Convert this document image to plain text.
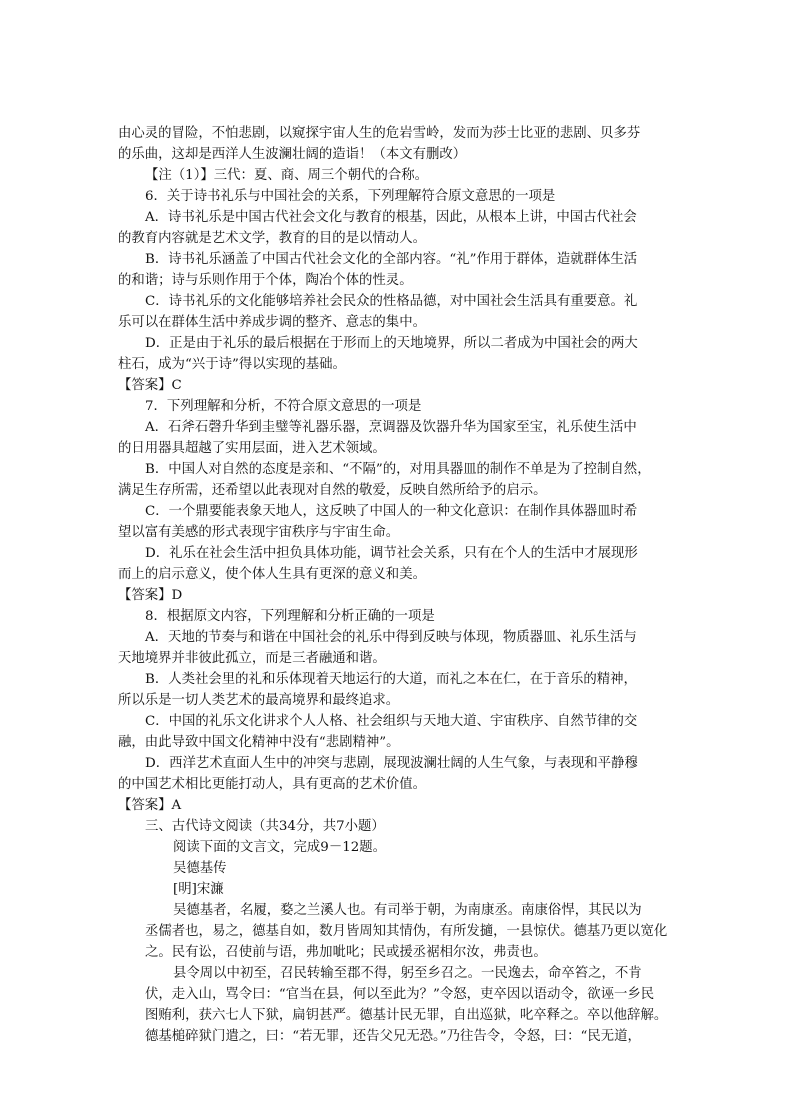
由心灵的冒险，不怕悲剧，以窥探宇宙人生的危岩雪岭，发而为莎士比亚的悲剧、贝多芬
的乐曲，这却是西洋人生波澜壮阔的造诣！（本文有删改）
【注（1）】三代：夏、商、周三个朝代的合称。
6．关于诗书礼乐与中国社会的关系，下列理解符合原文意思的一项是
A．诗书礼乐是中国古代社会文化与教育的根基，因此，从根本上讲，中国古代社会
的教育内容就是艺术文学，教育的目的是以情动人。
B．诗书礼乐涵盖了中国古代社会文化的全部内容。“礼”作用于群体，造就群体生活
的和谐；诗与乐则作用于个体，陶冶个体的性灵。
C．诗书礼乐的文化能够培养社会民众的性格品德，对中国社会生活具有重要意。礼
乐可以在群体生活中养成步调的整齐、意志的集中。
D．正是由于礼乐的最后根据在于形而上的天地境界，所以二者成为中国社会的两大
柱石，成为“兴于诗”得以实现的基础。
【答案】C
7．下列理解和分析，不符合原文意思的一项是
A．石斧石磬升华到圭璧等礼器乐器，烹调器及饮器升华为国家至宝，礼乐使生活中
的日用器具超越了实用层面，进入艺术领域。
B．中国人对自然的态度是亲和、“不隔”的，对用具器皿的制作不单是为了控制自然，
满足生存所需，还希望以此表现对自然的敬爱，反映自然所给予的启示。
C．一个鼎要能表象天地人，这反映了中国人的一种文化意识：在制作具体器皿时希
望以富有美感的形式表现宇宙秩序与宇宙生命。
D．礼乐在社会生活中担负具体功能，调节社会关系，只有在个人的生活中才展现形
而上的启示意义，使个体人生具有更深的意义和美。
【答案】D
8．根据原文内容，下列理解和分析正确的一项是
A．天地的节奏与和谐在中国社会的礼乐中得到反映与体现，物质器皿、礼乐生活与
天地境界并非彼此孤立，而是三者融通和谐。
B．人类社会里的礼和乐体现着天地运行的大道，而礼之本在仁，在于音乐的精神，
所以乐是一切人类艺术的最高境界和最终追求。
C．中国的礼乐文化讲求个人人格、社会组织与天地大道、宇宙秩序、自然节律的交
融，由此导致中国文化精神中没有“悲剧精神”。
D．西洋艺术直面人生中的冲突与悲剧，展现波澜壮阔的人生气象，与表现和平静穆
的中国艺术相比更能打动人，具有更高的艺术价值。
【答案】A
三、古代诗文阅读（共34分，共7小题）
阅读下面的文言文，完成9－12题。
吴德基传
[明]宋濂
吴德基者，名履，婺之兰溪人也。有司举于朝，为南康丞。南康俗悍，其民以为
丞儒者也，易之，德基自如，数月皆周知其情伪，有所发擿，一县惊伏。德基乃更以宽化
之。民有讼，召使前与语，弗加呲叱；民或援丞裾相尔汝，弗责也。
县令周以中初至，召民转输至郡不得，躬至乡召之。一民逸去，命卒笞之，不肯
伏，走入山，骂令曰：“官当在县，何以至此为？”令怒，吏卒因以语动令，欲诬一乡民
图贿利，获六七人下狱，扁钥甚严。德基计民无罪，自出巡狱，叱卒释之。卒以他辞解。
德基槌碎狱门遣之，曰：“若无罪，还告父兄无恐。”乃往告令，令怒，曰：“民无道，
